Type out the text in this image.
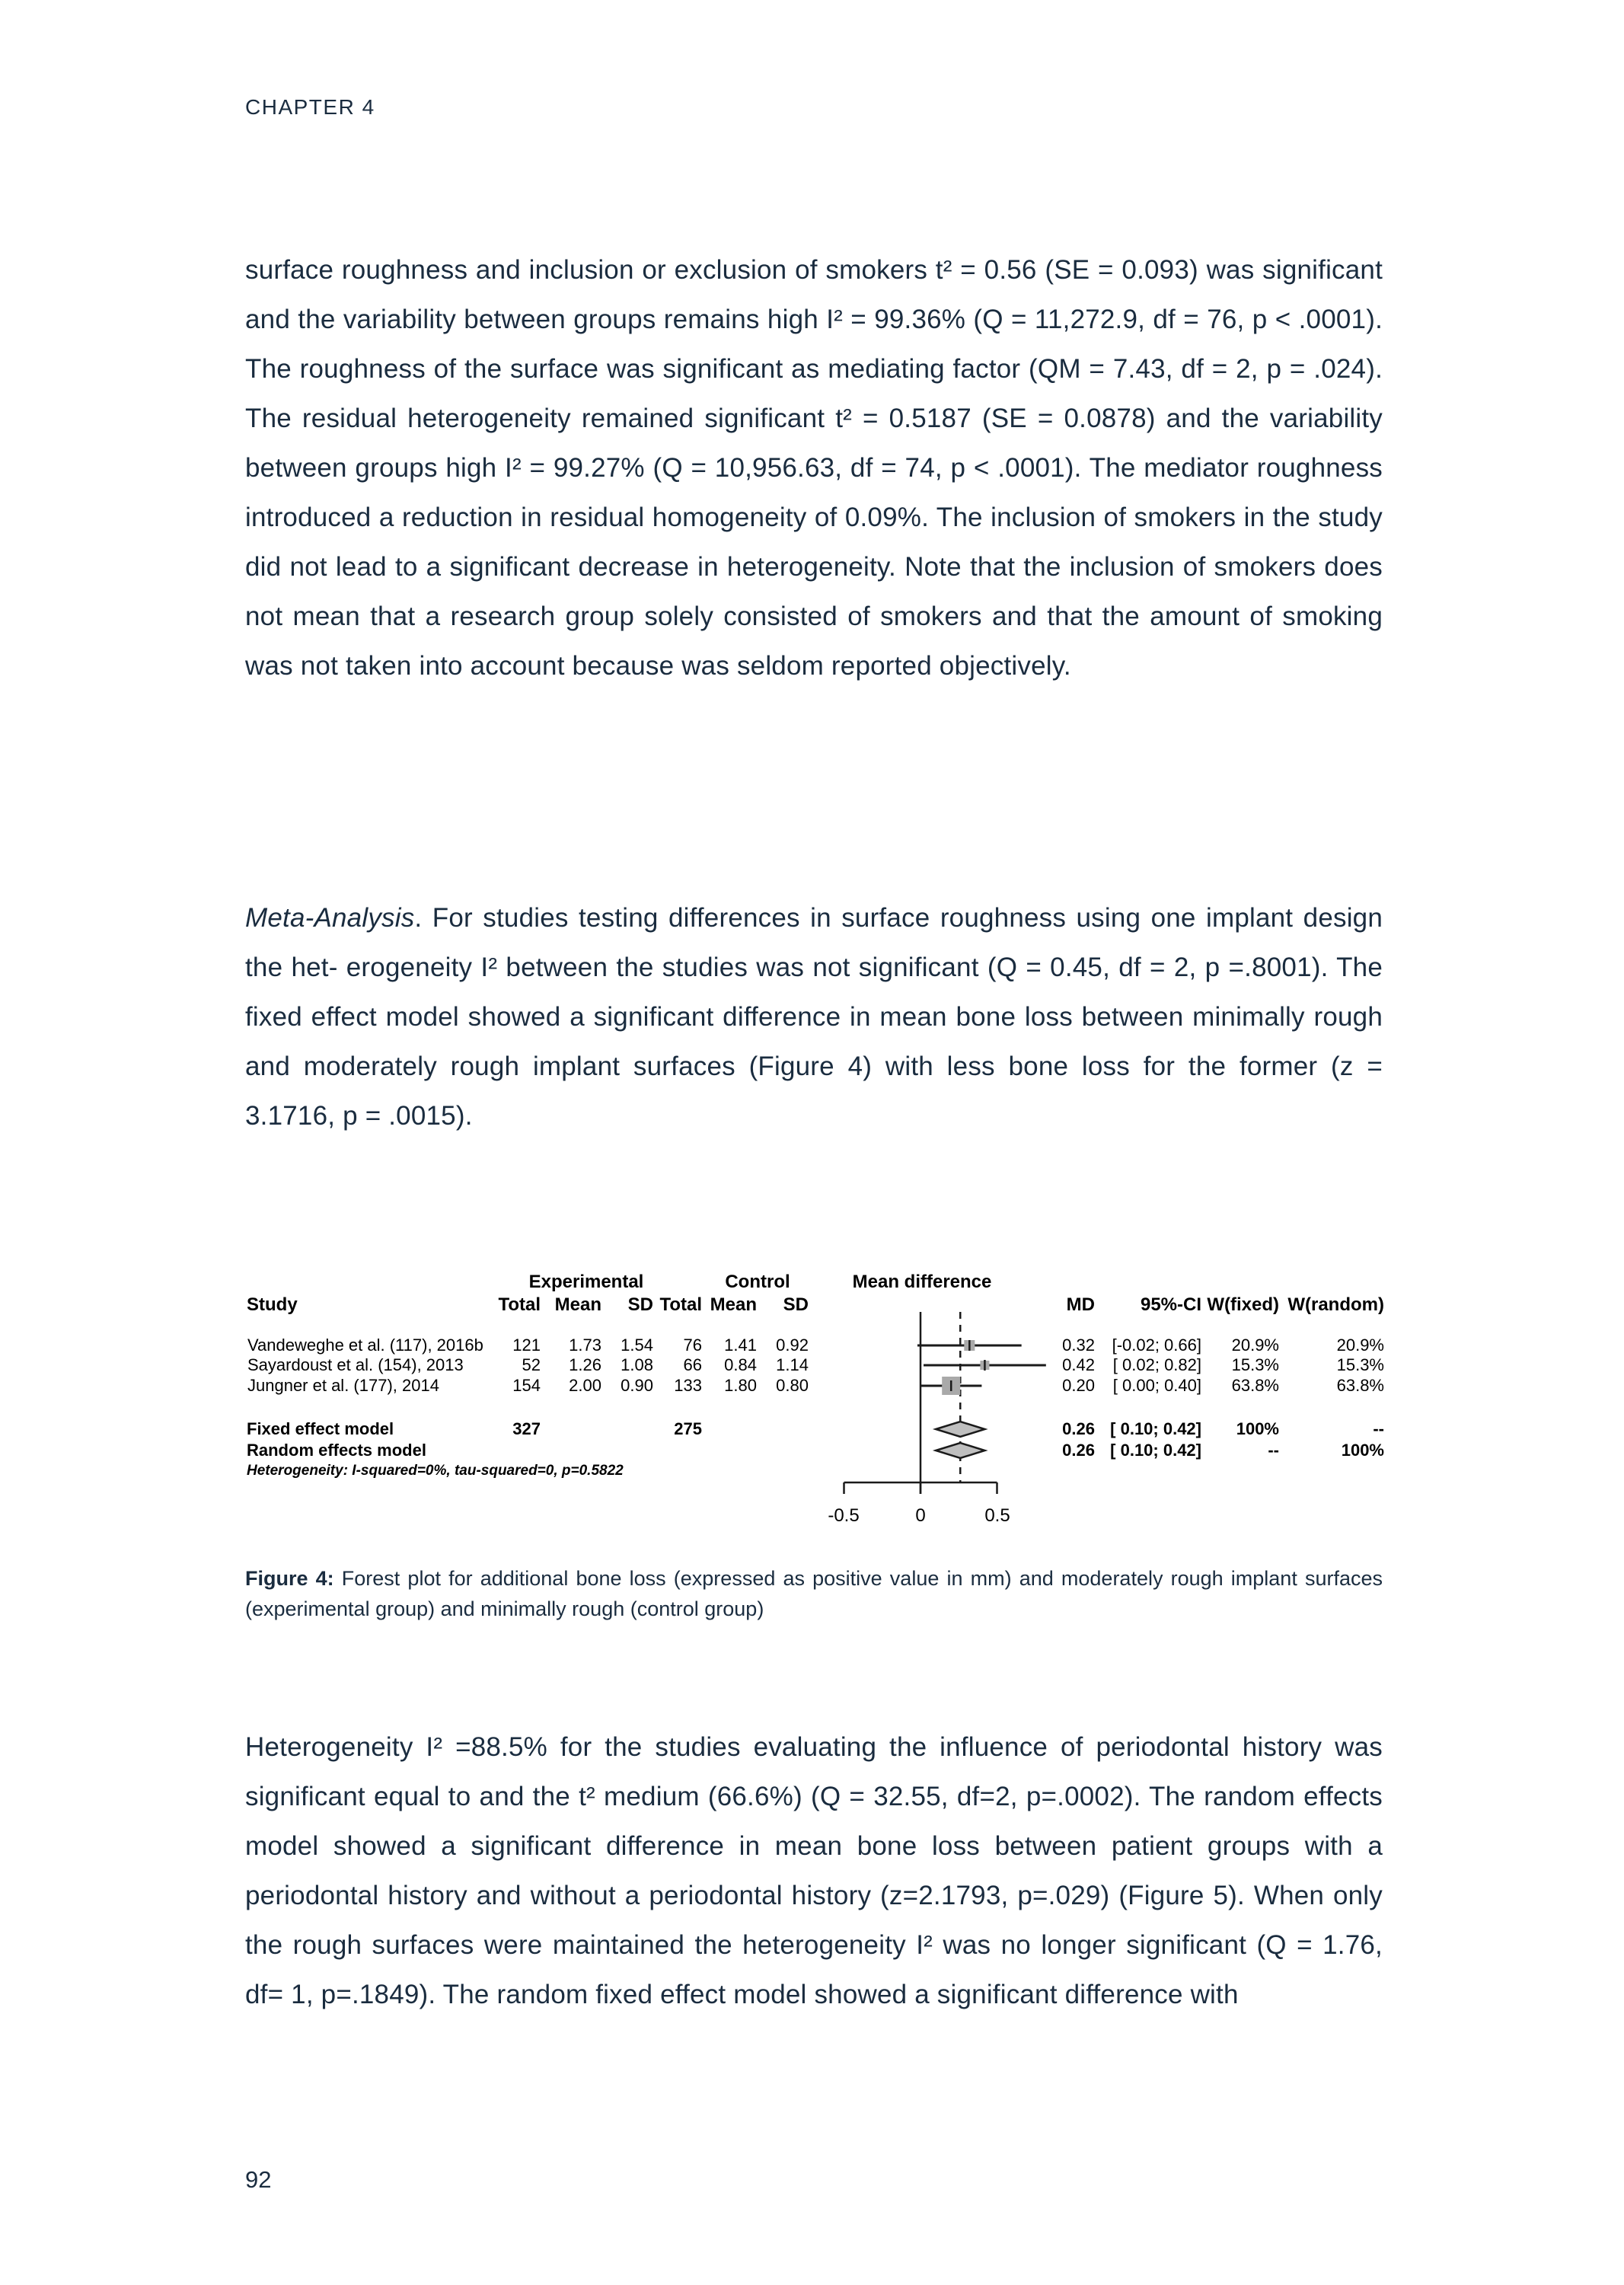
CHAPTER 4

surface roughness and inclusion or exclusion of smokers t² = 0.56 (SE = 0.093) was significant and the variability between groups remains high I² = 99.36% (Q = 11,272.9, df = 76, p < .0001). The roughness of the surface was significant as mediating factor (QM = 7.43, df = 2, p = .024). The residual heterogeneity remained significant t² = 0.5187 (SE = 0.0878) and the variability between groups high I² = 99.27% (Q = 10,956.63, df = 74, p < .0001). The mediator roughness introduced a reduction in residual homogeneity of 0.09%. The inclusion of smokers in the study did not lead to a significant decrease in heterogeneity. Note that the inclusion of smokers does not mean that a research group solely consisted of smokers and that the amount of smoking was not taken into account because was seldom reported objectively.

Meta-Analysis. For studies testing differences in surface roughness using one implant design the het- erogeneity I² between the studies was not significant (Q = 0.45, df = 2, p =.8001). The fixed effect model showed a significant difference in mean bone loss between minimally rough and moderately rough implant surfaces (Figure 4) with less bone loss for the former (z = 3.1716, p = .0015).

Experimental	Control	Mean difference
Study	Total Mean SD Total Mean SD	MD 95%-CI W(fixed) W(random)
Vandeweghe et al. (117), 2016b 121 1.73 1.54 76 1.41 0.92	0.32 [-0.02; 0.66] 20.9%	20.9%
Sayardoust et al. (154), 2013	52 1.26 1.08 66 0.84 1.14	0.42 [ 0.02; 0.82] 15.3%	15.3%
Jungner et al. (177), 2014	154 2.00 0.90 133 1.80 0.80	0.20 [ 0.00; 0.40] 63.8%	63.8%
Fixed effect model	327	275	0.26 [ 0.10; 0.42] 100%	--
Random effects model	0.26 [ 0.10; 0.42]	--	100%
Heterogeneity: I-squared=0%, tau-squared=0, p=0.5822
-0.5	0	0.5

Figure 4: Forest plot for additional bone loss (expressed as positive value in mm) and moderately rough implant surfaces (experimental group) and minimally rough (control group)

Heterogeneity I² =88.5% for the studies evaluating the influence of periodontal history was significant equal to and the t² medium (66.6%) (Q = 32.55, df=2, p=.0002). The random effects model showed a significant difference in mean bone loss between patient groups with a periodontal history and without a periodontal history (z=2.1793, p=.029) (Figure 5). When only the rough surfaces were maintained the heterogeneity I² was no longer significant (Q = 1.76, df= 1, p=.1849). The random fixed effect model showed a significant difference with

92
